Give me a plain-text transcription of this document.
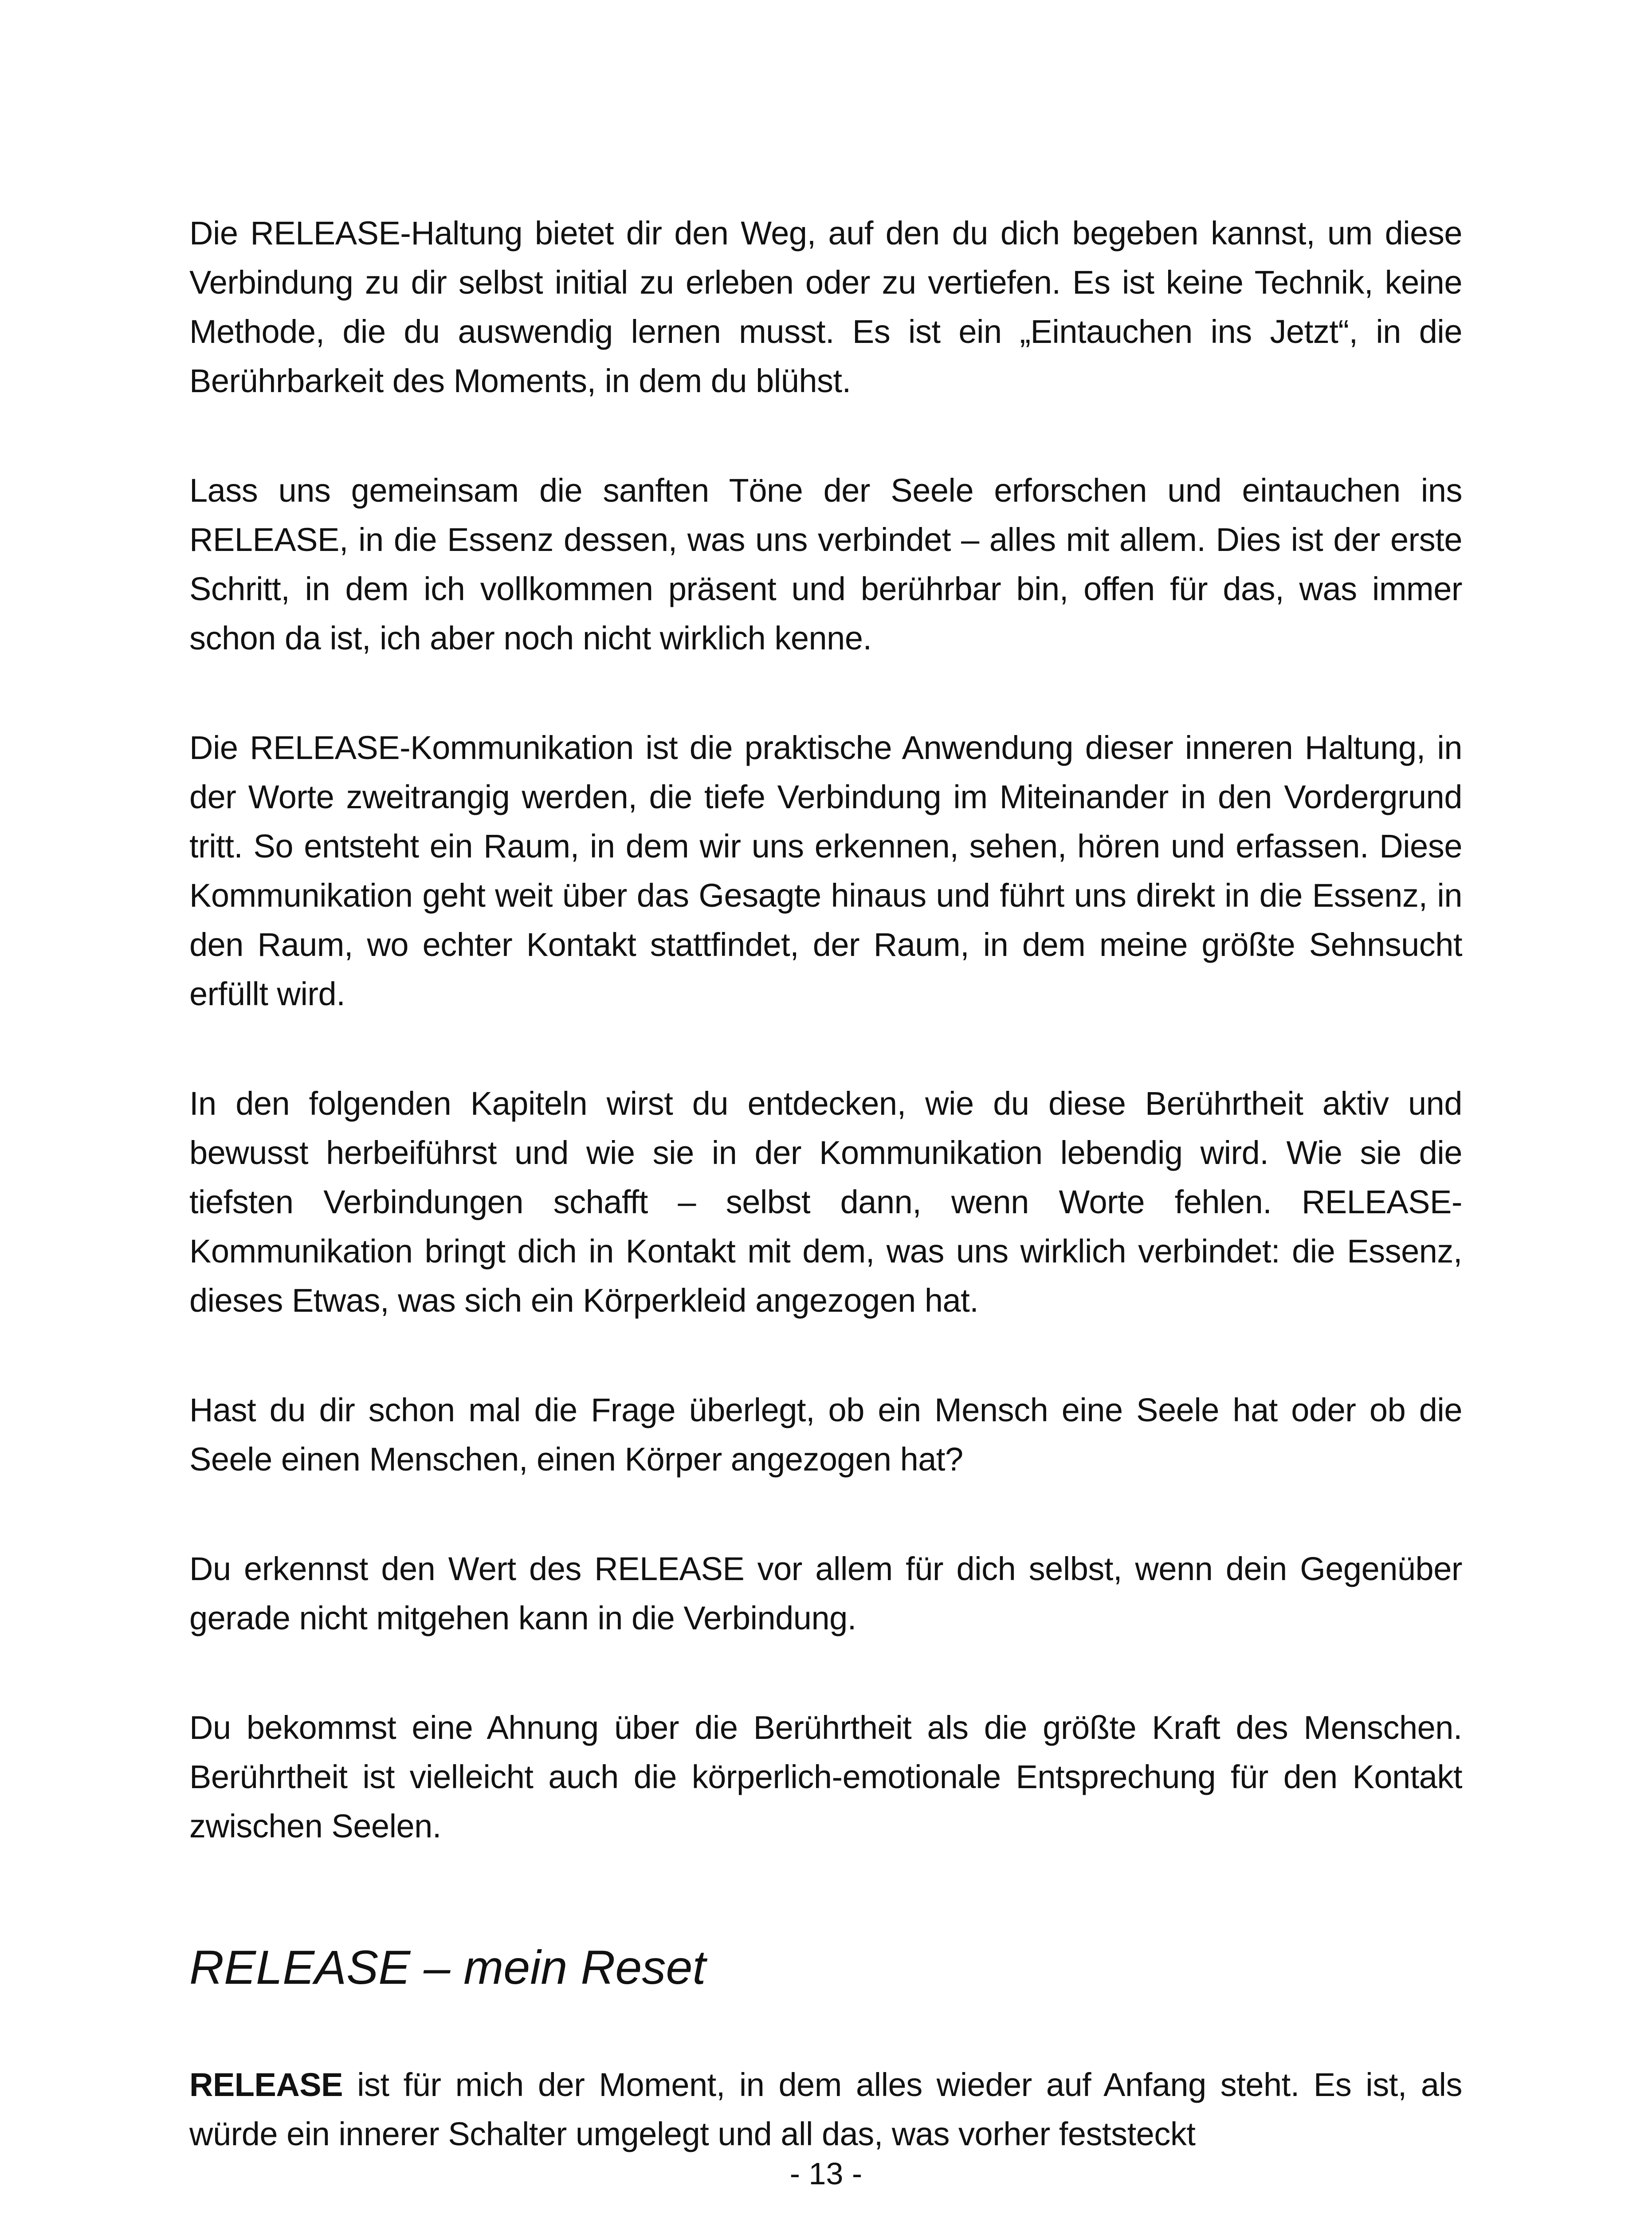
Die RELEASE-Haltung bietet dir den Weg, auf den du dich begeben kannst, um diese Verbindung zu dir selbst initial zu erleben oder zu vertiefen. Es ist keine Technik, keine Methode, die du auswendig lernen musst. Es ist ein „Eintauchen ins Jetzt“, in die Berührbarkeit des Moments, in dem du blühst.

Lass uns gemeinsam die sanften Töne der Seele erforschen und eintauchen ins RELEASE, in die Essenz dessen, was uns verbindet – alles mit allem. Dies ist der erste Schritt, in dem ich vollkommen präsent und berührbar bin, offen für das, was immer schon da ist, ich aber noch nicht wirklich kenne.

Die RELEASE-Kommunikation ist die praktische Anwendung dieser inneren Haltung, in der Worte zweitrangig werden, die tiefe Verbindung im Miteinander in den Vordergrund tritt. So entsteht ein Raum, in dem wir uns erkennen, sehen, hören und erfassen. Diese Kommunikation geht weit über das Gesagte hinaus und führt uns direkt in die Essenz, in den Raum, wo echter Kontakt stattfindet, der Raum, in dem meine größte Sehnsucht erfüllt wird.

In den folgenden Kapiteln wirst du entdecken, wie du diese Berührtheit aktiv und bewusst herbeiführst und wie sie in der Kommunikation lebendig wird. Wie sie die tiefsten Verbindungen schafft – selbst dann, wenn Worte fehlen. RELEASE-Kommunikation bringt dich in Kontakt mit dem, was uns wirklich verbindet: die Essenz, dieses Etwas, was sich ein Körperkleid angezogen hat.

Hast du dir schon mal die Frage überlegt, ob ein Mensch eine Seele hat oder ob die Seele einen Menschen, einen Körper angezogen hat?

Du erkennst den Wert des RELEASE vor allem für dich selbst, wenn dein Gegenüber gerade nicht mitgehen kann in die Verbindung.

Du bekommst eine Ahnung über die Berührtheit als die größte Kraft des Menschen. Berührtheit ist vielleicht auch die körperlich-emotionale Entsprechung für den Kontakt zwischen Seelen.

RELEASE – mein Reset

RELEASE ist für mich der Moment, in dem alles wieder auf Anfang steht. Es ist, als würde ein innerer Schalter umgelegt und all das, was vorher feststeckt

- 13 -
